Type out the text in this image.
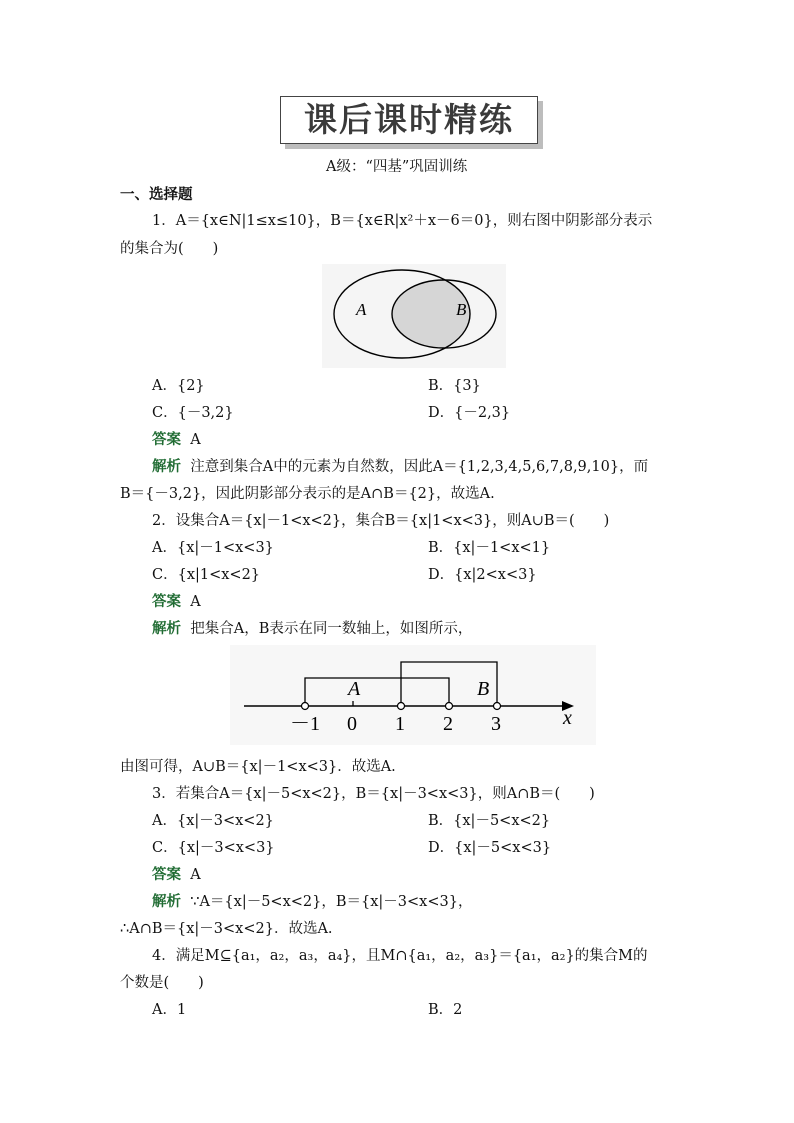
课后课时精练
A级：“四基”巩固训练
一、选择题
1．A＝{x∈N|1≤x≤10}，B＝{x∈R|x²＋x－6＝0}，则右图中阴影部分表示
的集合为(　　)
A	B
A．{2}	B．{3}
C．{－3,2}	D．{－2,3}
答案 A
解析 注意到集合A中的元素为自然数，因此A＝{1,2,3,4,5,6,7,8,9,10}，而
B＝{－3,2}，因此阴影部分表示的是A∩B＝{2}，故选A.
2．设集合A＝{x|－1<x<2}，集合B＝{x|1<x<3}，则A∪B＝(　　)
A．{x|－1<x<3}	B．{x|－1<x<1}
C．{x|1<x<2}	D．{x|2<x<3}
答案 A
解析 把集合A，B表示在同一数轴上，如图所示，
A	B
－1 0 1 2 3	x
由图可得，A∪B＝{x|－1<x<3}．故选A.
3．若集合A＝{x|－5<x<2}，B＝{x|－3<x<3}，则A∩B＝(　　)
A．{x|－3<x<2}	B．{x|－5<x<2}
C．{x|－3<x<3}	D．{x|－5<x<3}
答案 A
解析 ∵A＝{x|－5<x<2}，B＝{x|－3<x<3}，
∴A∩B＝{x|－3<x<2}．故选A.
4．满足M⊆{a₁，a₂，a₃，a₄}，且M∩{a₁，a₂，a₃}＝{a₁，a₂}的集合M的
个数是(　　)
A．1	B．2
